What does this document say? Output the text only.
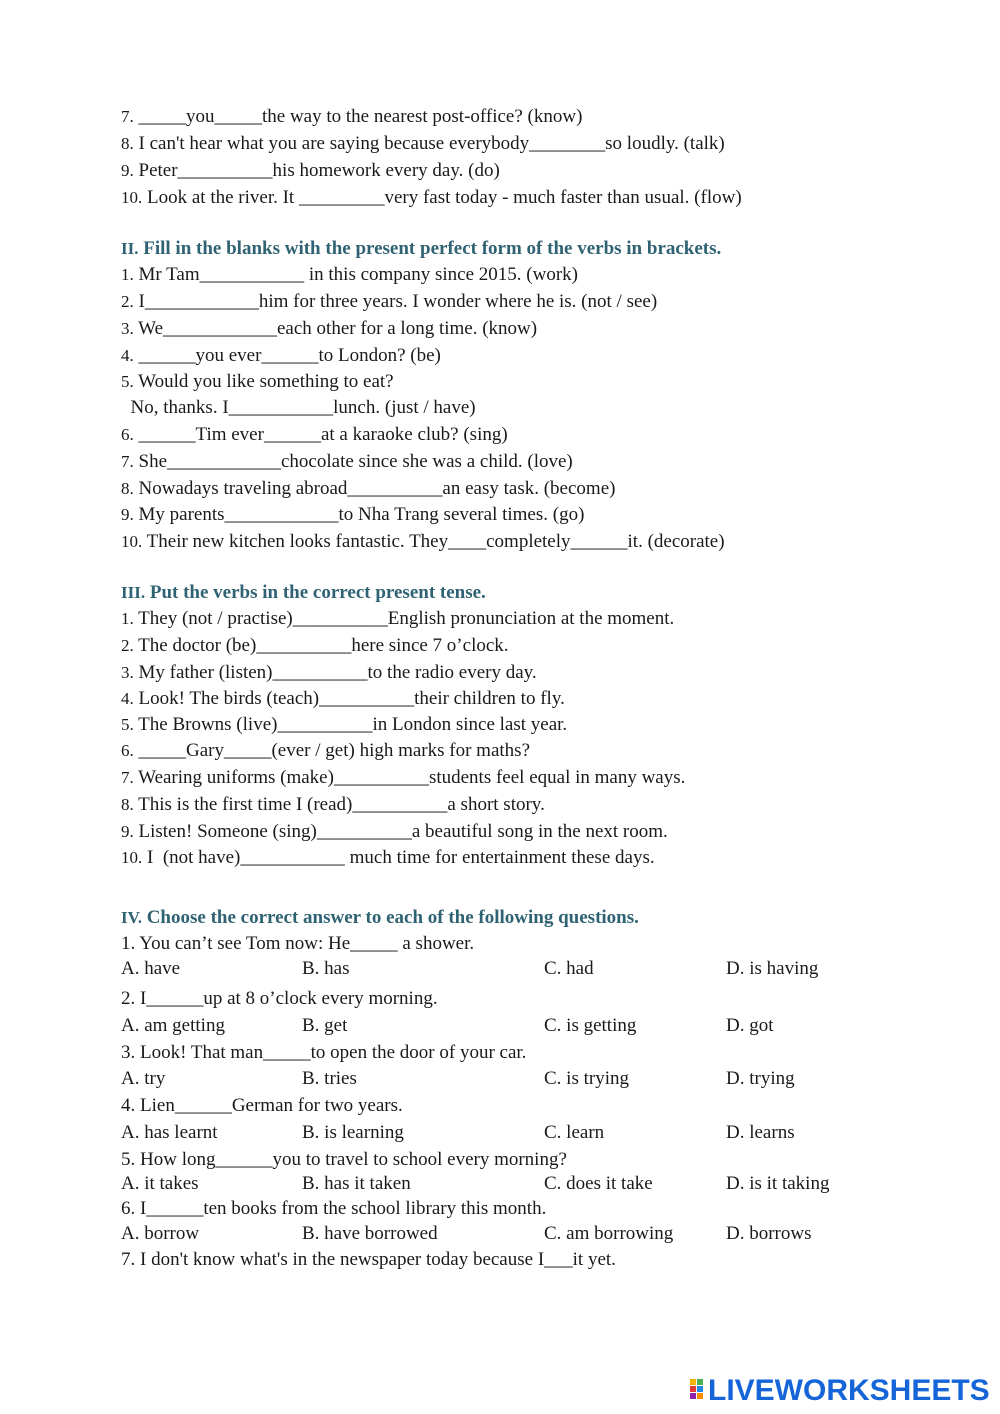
7. _____you_____the way to the nearest post-office? (know)
8. I can't hear what you are saying because everybody________so loudly. (talk)
9. Peter__________his homework every day. (do)
10. Look at the river. It _________very fast today - much faster than usual. (flow)
II. Fill in the blanks with the present perfect form of the verbs in brackets.
1. Mr Tam___________ in this company since 2015. (work)
2. I____________him for three years. I wonder where he is. (not / see)
3. We____________each other for a long time. (know)
4. ______you ever______to London? (be)
5. Would you like something to eat?
No, thanks. I___________lunch. (just / have)
6. ______Tim ever______at a karaoke club? (sing)
7. She____________chocolate since she was a child. (love)
8. Nowadays traveling abroad__________an easy task. (become)
9. My parents____________to Nha Trang several times. (go)
10. Their new kitchen looks fantastic. They____completely______it. (decorate)
III. Put the verbs in the correct present tense.
1. They (not / practise)__________English pronunciation at the moment.
2. The doctor (be)__________here since 7 o’clock.
3. My father (listen)__________to the radio every day.
4. Look! The birds (teach)__________their children to fly.
5. The Browns (live)__________in London since last year.
6. _____Gary_____(ever / get) high marks for maths?
7. Wearing uniforms (make)__________students feel equal in many ways.
8. This is the first time I (read)__________a short story.
9. Listen! Someone (sing)__________a beautiful song in the next room.
10. I  (not have)___________ much time for entertainment these days.
IV. Choose the correct answer to each of the following questions.
1. You can’t see Tom now: He_____ a shower.
A. have	B. has	C. had	D. is having
2. I______up at 8 o’clock every morning.
A. am getting	B. get	C. is getting	D. got
3. Look! That man_____to open the door of your car.
A. try	B. tries	C. is trying	D. trying
4. Lien______German for two years.
A. has learnt	B. is learning	C. learn	D. learns
5. How long______you to travel to school every morning?
A. it takes	B. has it taken	C. does it take	D. is it taking
6. I______ten books from the school library this month.
A. borrow	B. have borrowed	C. am borrowing	D. borrows
7. I don't know what's in the newspaper today because I___it yet.
LIVEWORKSHEETS
